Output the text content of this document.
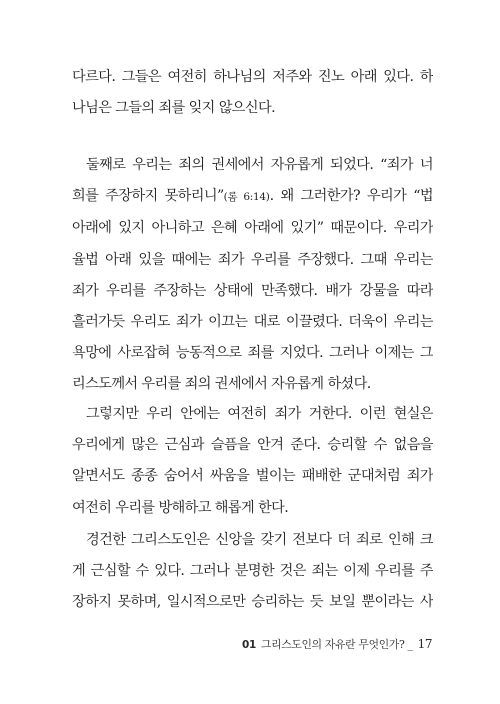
다르다. 그들은 여전히 하나님의 저주와 진노 아래 있다. 하
나님은 그들의 죄를 잊지 않으신다.

둘째로 우리는 죄의 권세에서 자유롭게 되었다. “죄가 너
희를 주장하지 못하리니”(롬 6:14). 왜 그러한가? 우리가 “법
아래에 있지 아니하고 은혜 아래에 있기” 때문이다. 우리가
율법 아래 있을 때에는 죄가 우리를 주장했다. 그때 우리는
죄가 우리를 주장하는 상태에 만족했다. 배가 강물을 따라
흘러가듯 우리도 죄가 이끄는 대로 이끌렸다. 더욱이 우리는
욕망에 사로잡혀 능동적으로 죄를 지었다. 그러나 이제는 그
리스도께서 우리를 죄의 권세에서 자유롭게 하셨다.

그렇지만 우리 안에는 여전히 죄가 거한다. 이런 현실은
우리에게 많은 근심과 슬픔을 안겨 준다. 승리할 수 없음을
알면서도 종종 숨어서 싸움을 벌이는 패배한 군대처럼 죄가
여전히 우리를 방해하고 해롭게 한다.

경건한 그리스도인은 신앙을 갖기 전보다 더 죄로 인해 크
게 근심할 수 있다. 그러나 분명한 것은 죄는 이제 우리를 주
장하지 못하며, 일시적으로만 승리하는 듯 보일 뿐이라는 사

01 그리스도인의 자유란 무엇인가? _ 17
